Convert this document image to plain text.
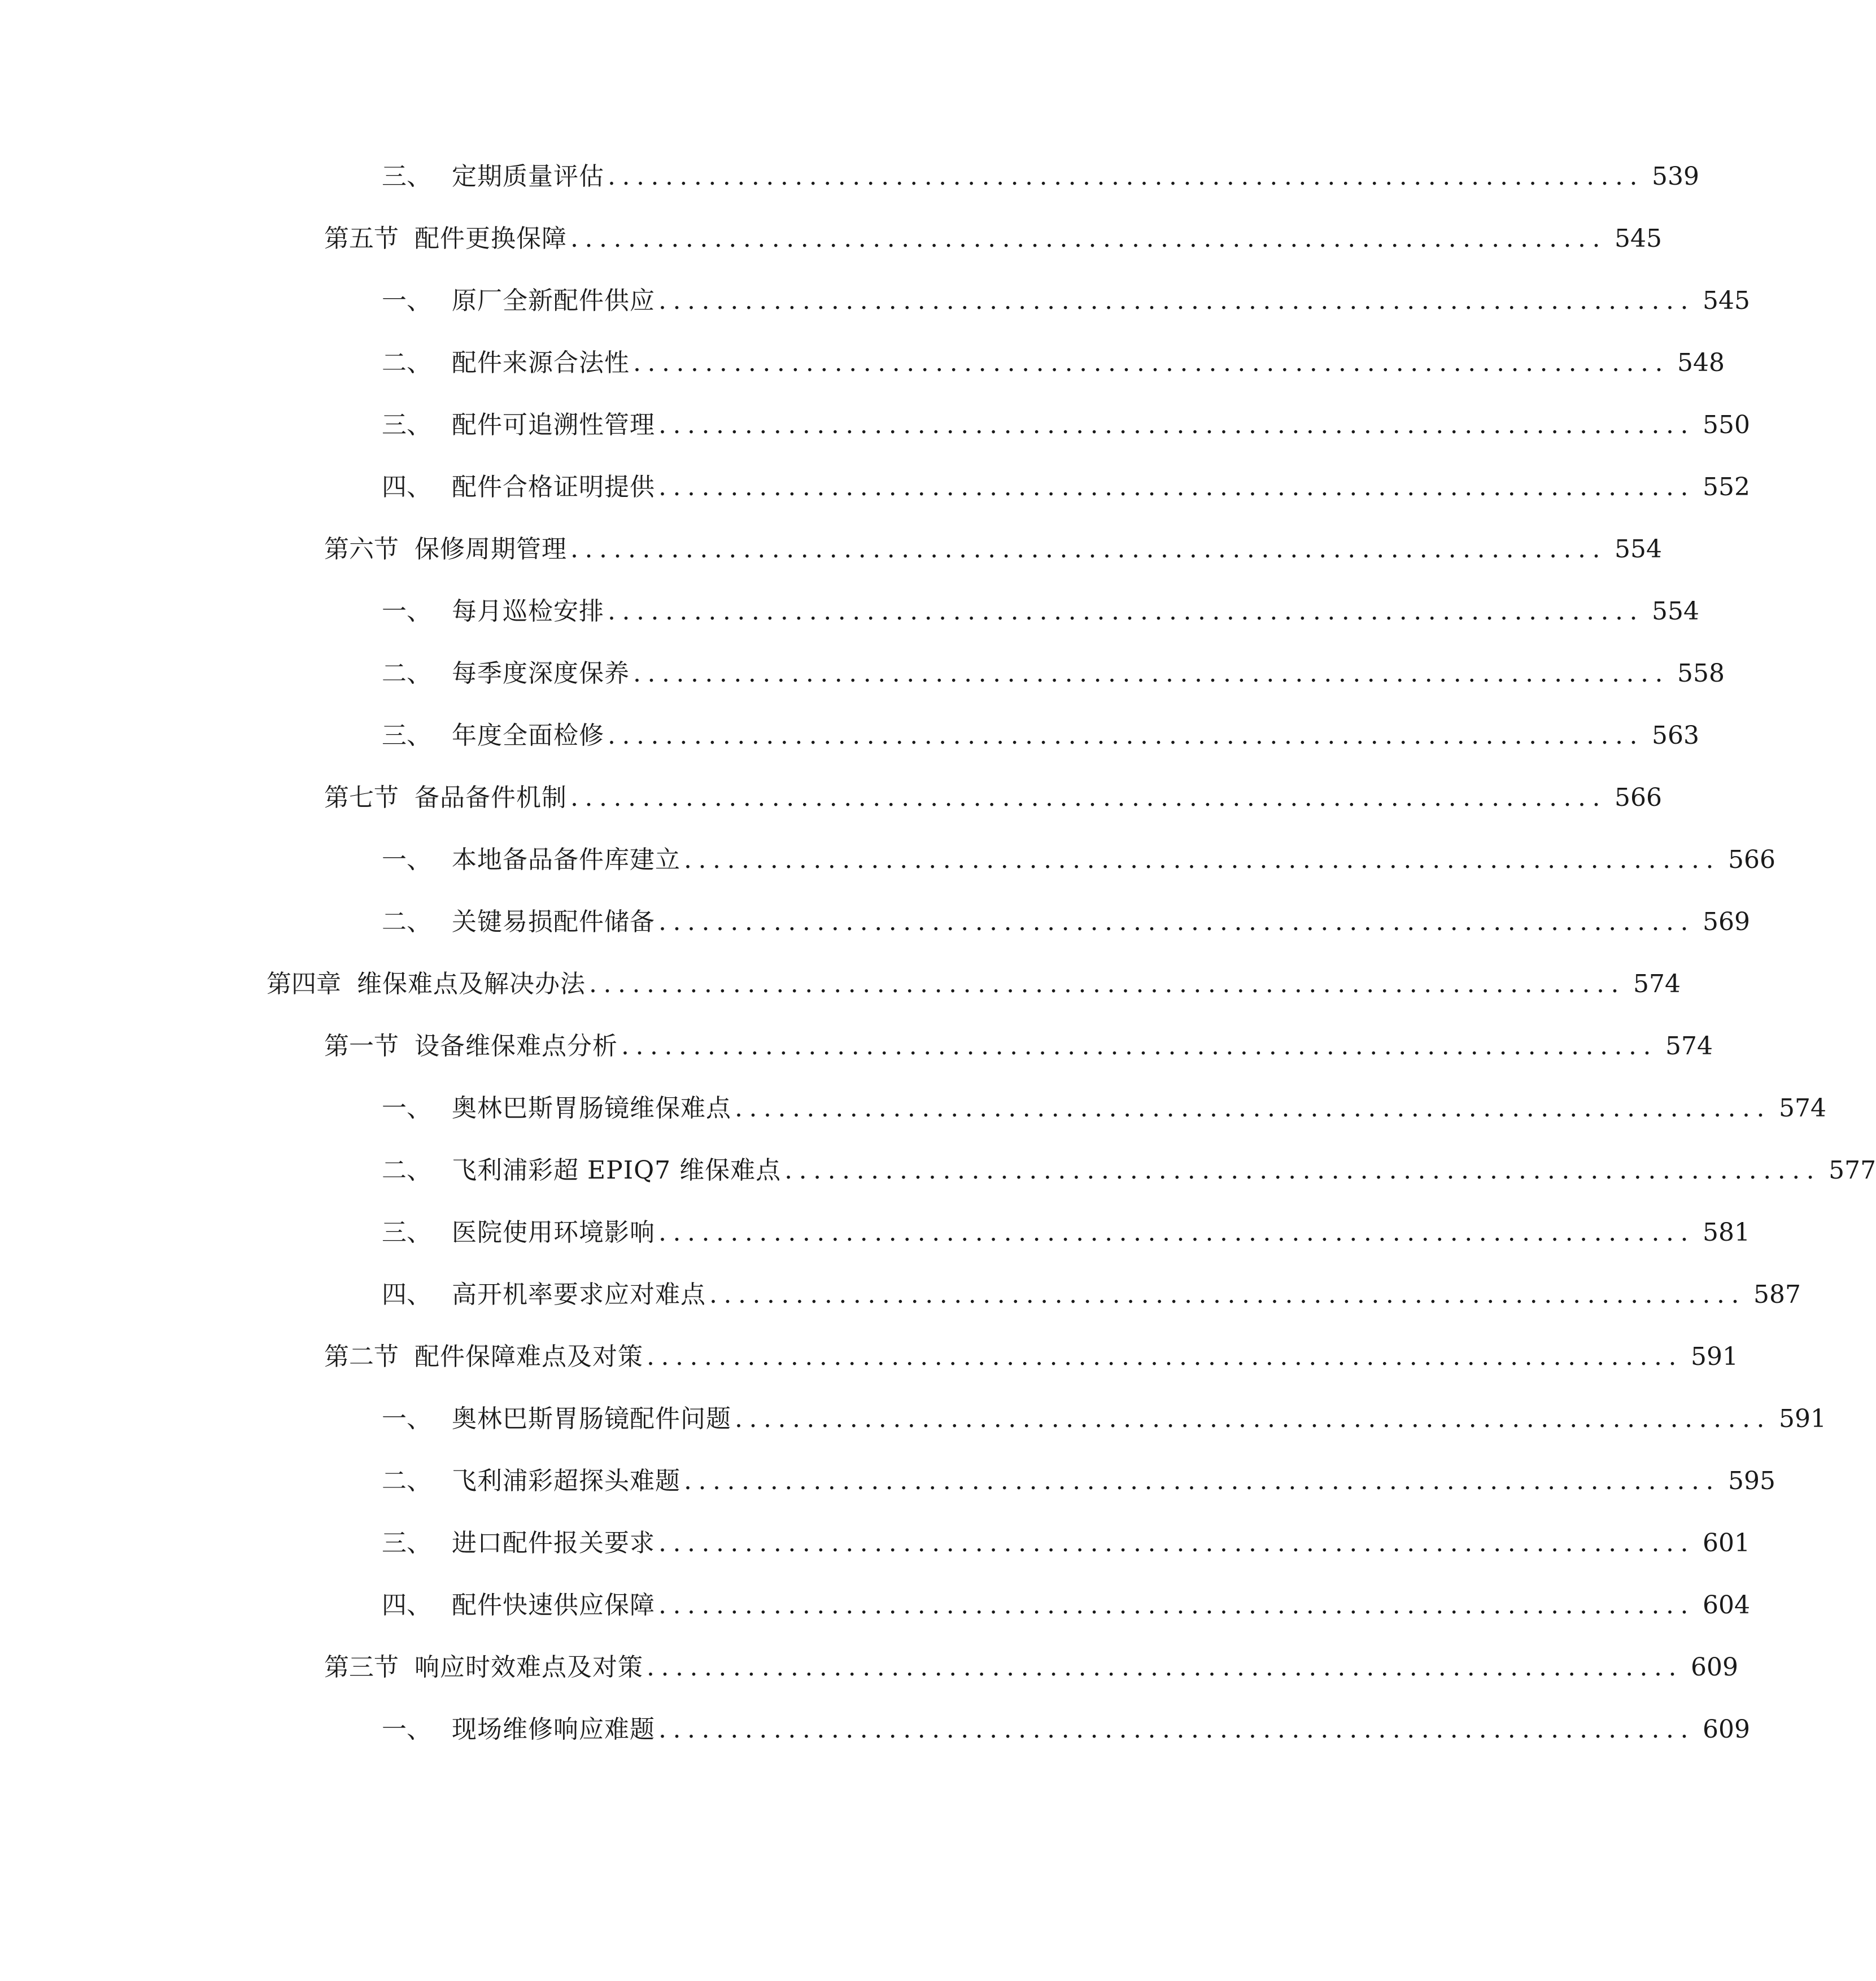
三、 定期质量评估 ........................................................................ 539
第五节 配件更换保障 ........................................................................ 545
一、 原厂全新配件供应 ........................................................................ 545
二、 配件来源合法性 ........................................................................ 548
三、 配件可追溯性管理 ........................................................................ 550
四、 配件合格证明提供 ........................................................................ 552
第六节 保修周期管理 ........................................................................ 554
一、 每月巡检安排 ........................................................................ 554
二、 每季度深度保养 ........................................................................ 558
三、 年度全面检修 ........................................................................ 563
第七节 备品备件机制 ........................................................................ 566
一、 本地备品备件库建立 ........................................................................ 566
二、 关键易损配件储备 ........................................................................ 569
第四章 维保难点及解决办法 ........................................................................ 574
第一节 设备维保难点分析 ........................................................................ 574
一、 奥林巴斯胃肠镜维保难点 ........................................................................ 574
二、 飞利浦彩超 EPIQ7 维保难点 ........................................................................ 577
三、 医院使用环境影响 ........................................................................ 581
四、 高开机率要求应对难点 ........................................................................ 587
第二节 配件保障难点及对策 ........................................................................ 591
一、 奥林巴斯胃肠镜配件问题 ........................................................................ 591
二、 飞利浦彩超探头难题 ........................................................................ 595
三、 进口配件报关要求 ........................................................................ 601
四、 配件快速供应保障 ........................................................................ 604
第三节 响应时效难点及对策 ........................................................................ 609
一、 现场维修响应难题 ........................................................................ 609
